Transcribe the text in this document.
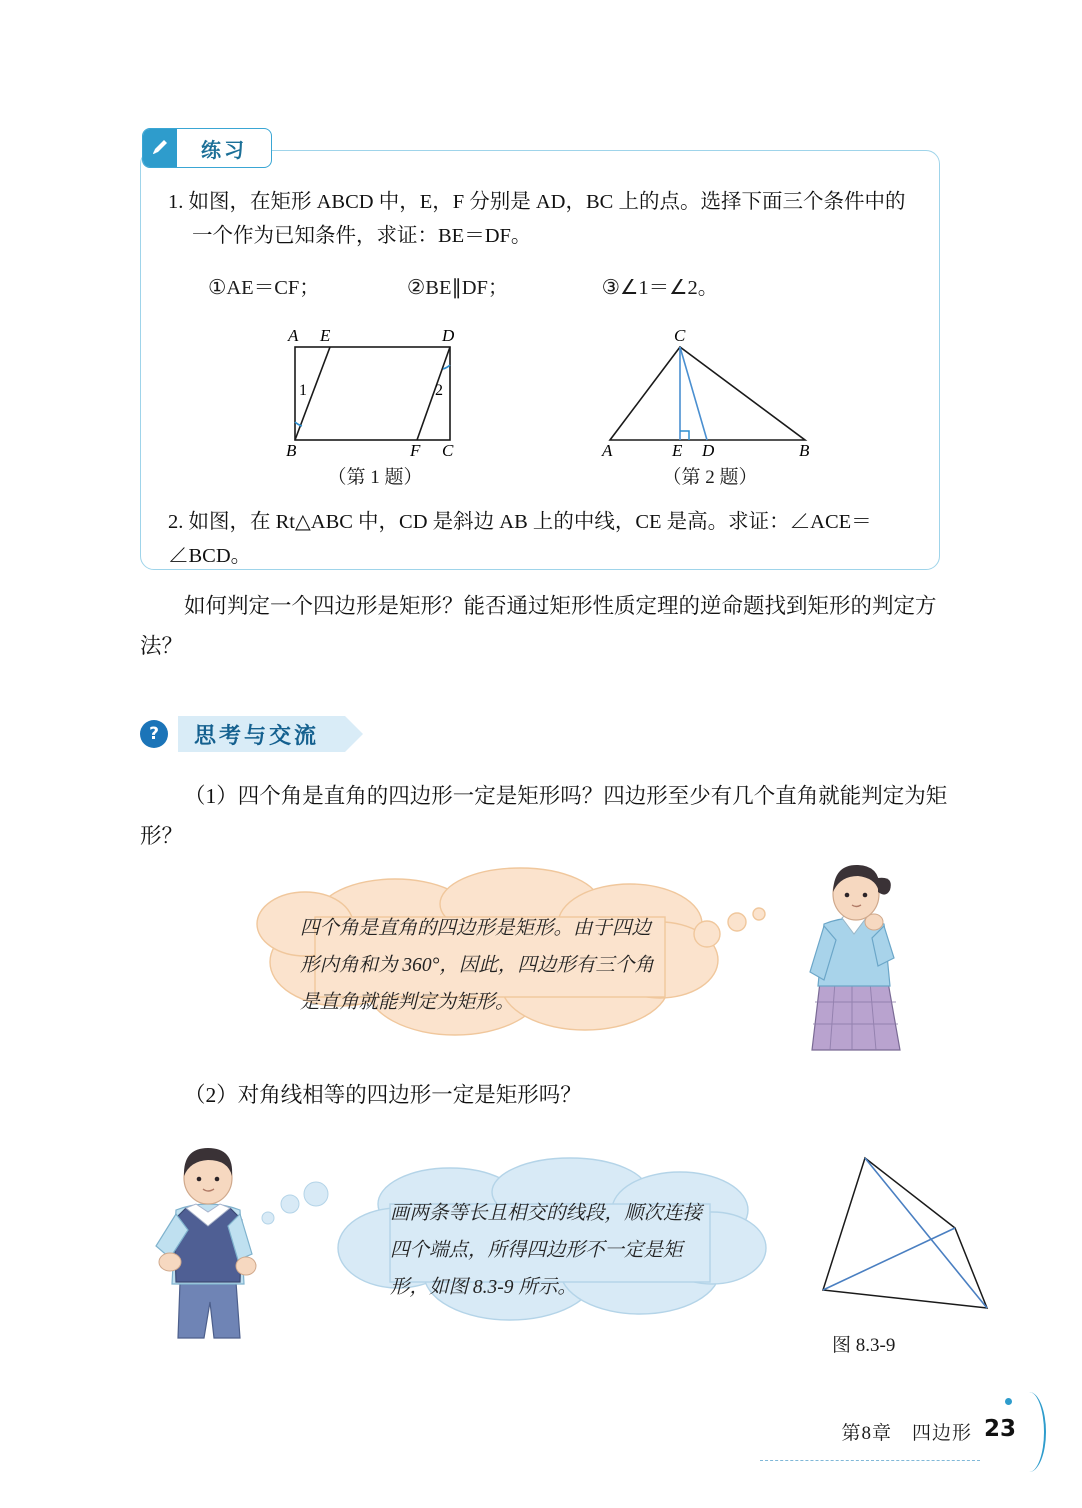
练习
1. 如图，在矩形 ABCD 中，E，F 分别是 AD，BC 上的点。选择下面三个条件中的
一个作为已知条件，求证：BE＝DF。
①AE＝CF；	②BE∥DF；	③∠1＝∠2。
A E	D
B	F C
1	2
A	E D	B
C
（第 1 题）	（第 2 题）
2. 如图，在 Rt△ABC 中，CD 是斜边 AB 上的中线，CE 是高。求证：∠ACE＝∠BCD。
如何判定一个四边形是矩形？能否通过矩形性质定理的逆命题找到矩形的判定方法？
?	思考与交流
（1）四个角是直角的四边形一定是矩形吗？四边形至少有几个直角就能判定为矩形？
四个角是直角的四边形是矩形。由于四边形内角和为 360°，因此，四边形有三个角是直角就能判定为矩形。
（2）对角线相等的四边形一定是矩形吗？
画两条等长且相交的线段，顺次连接四个端点，所得四边形不一定是矩形，如图 8.3-9 所示。
图 8.3-9
第8章　四边形 23
